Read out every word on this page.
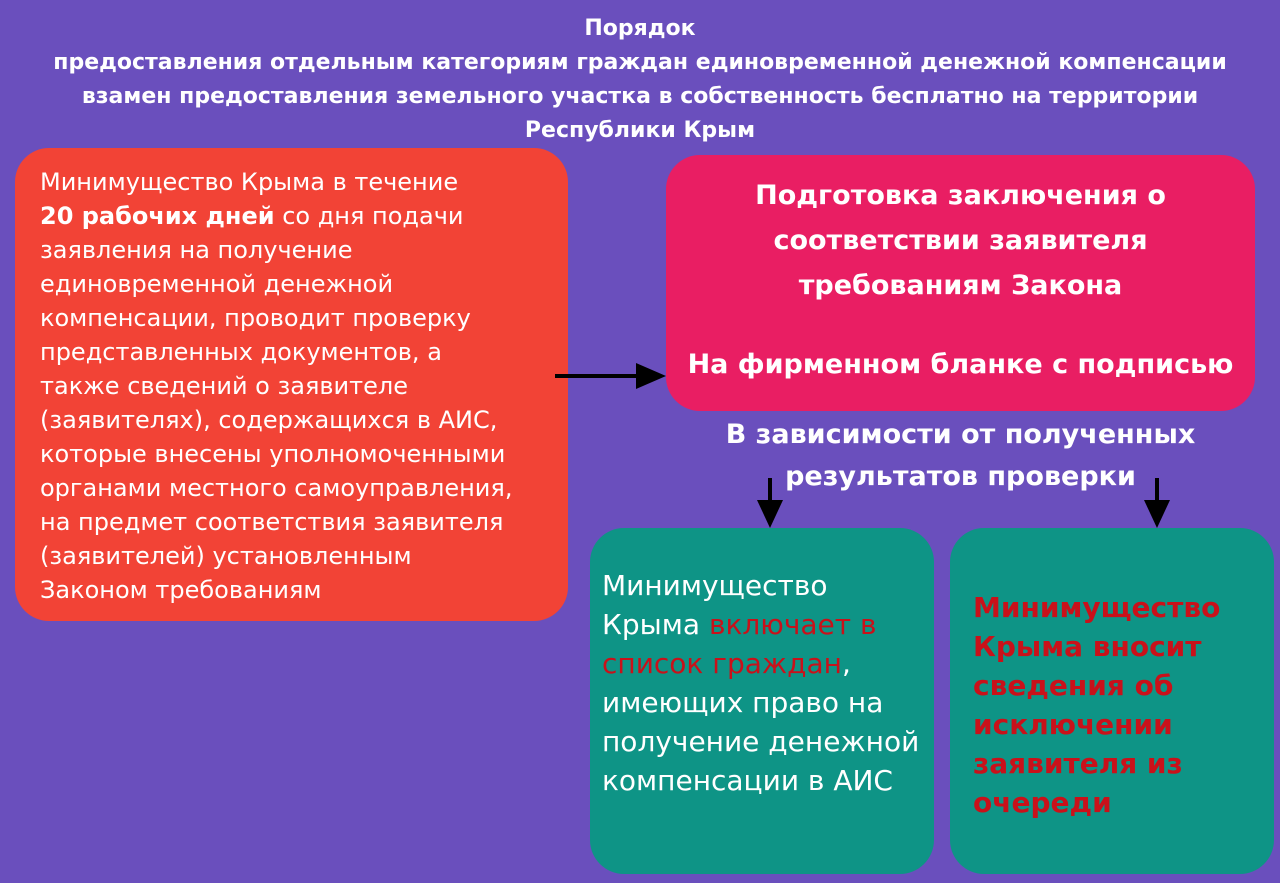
Порядок
предоставления отдельным категориям граждан единовременной денежной компенсации
взамен предоставления земельного участка в собственность бесплатно на территории
Республики Крым
Минимущество Крыма в течение
20 рабочих дней со дня подачи
заявления на получение
единовременной денежной
компенсации, проводит проверку
представленных документов, а
также сведений о заявителе
(заявителях), содержащихся в АИС,
которые внесены уполномоченными
органами местного самоуправления,
на предмет соответствия заявителя
(заявителей) установленным
Законом требованиям
Подготовка заключения о
соответствии заявителя
требованиям Закона
На фирменном бланке с подписью
В зависимости от полученных
результатов проверки
Минимущество Крыма включает в список граждан, имеющих право на получение денежной компенсации в АИС
Минимущество Крыма вносит сведения об исключении заявителя из очереди
